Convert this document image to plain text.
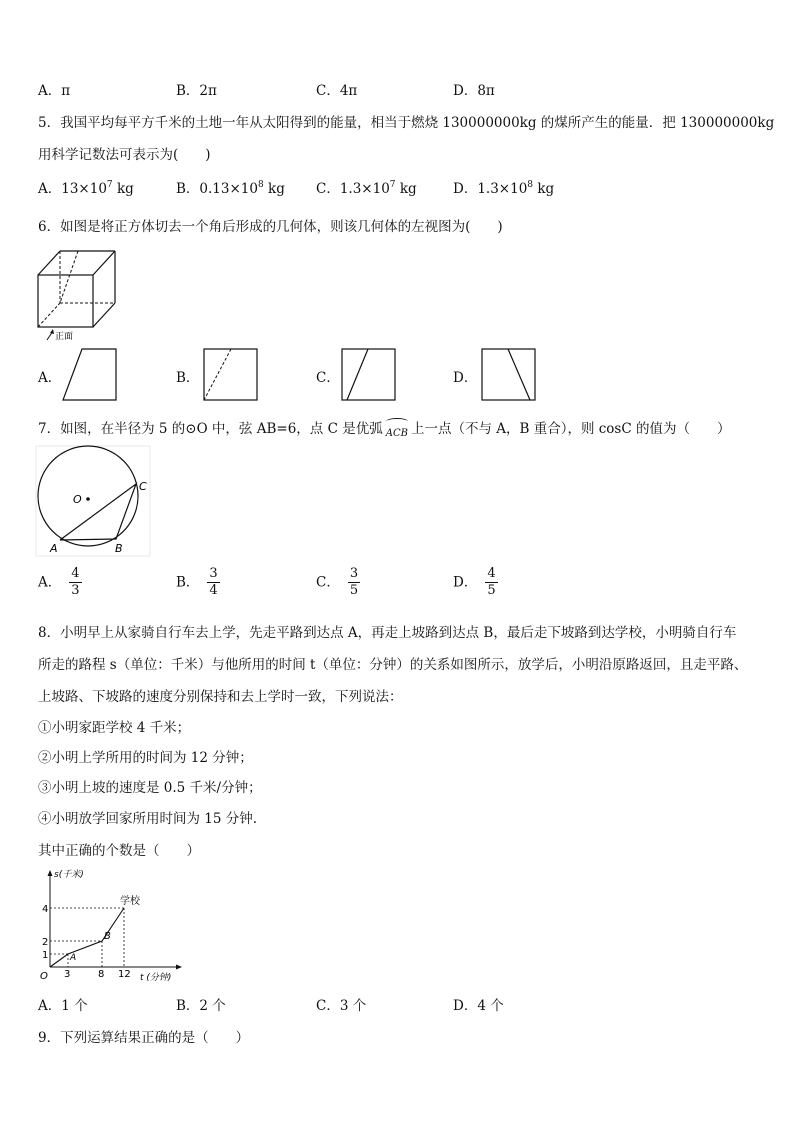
A．π	B．2π	C．4π	D．8π
5．我国平均每平方千米的土地一年从太阳得到的能量，相当于燃烧 130000000kg 的煤所产生的能量．把 130000000kg
用科学记数法可表示为(　　)
A．$13\times 10^7$ kg	B．$0.13\times 10^8$ kg C．$1.3\times 10^7$ kg	D．$1.3\times 10^8$ kg
6．如图是将正方体切去一个角后形成的几何体，则该几何体的左视图为(　　)
正面
A．	B．	C．	D．
7．如图，在半径为 5 的⊙O 中，弦 AB=6，点 C 是优弧 ACB 上一点（不与 A，B 重合），则 cosC 的值为（　　）
O
A	B
C
A． $\frac{4}{3}$	B． $\frac{3}{4}$	C． $\frac{3}{5}$	D． $\frac{4}{5}$
8．小明早上从家骑自行车去上学，先走平路到达点 A，再走上坡路到达点 B，最后走下坡路到达学校，小明骑自行车
所走的路程 s（单位：千米）与他所用的时间 t（单位：分钟）的关系如图所示，放学后，小明沿原路返回，且走平路、
上坡路、下坡路的速度分别保持和去上学时一致，下列说法：
①小明家距学校 4 千米；
②小明上学所用的时间为 12 分钟；
③小明上坡的速度是 0.5 千米/分钟；
④小明放学回家所用时间为 15 分钟.
其中正确的个数是（　　）
s(千米)
t (分钟)
O
4
2
1
3	8 12
A
B
学校
A．1 个	B．2 个	C．3 个	D．4 个
9．下列运算结果正确的是（　　）
